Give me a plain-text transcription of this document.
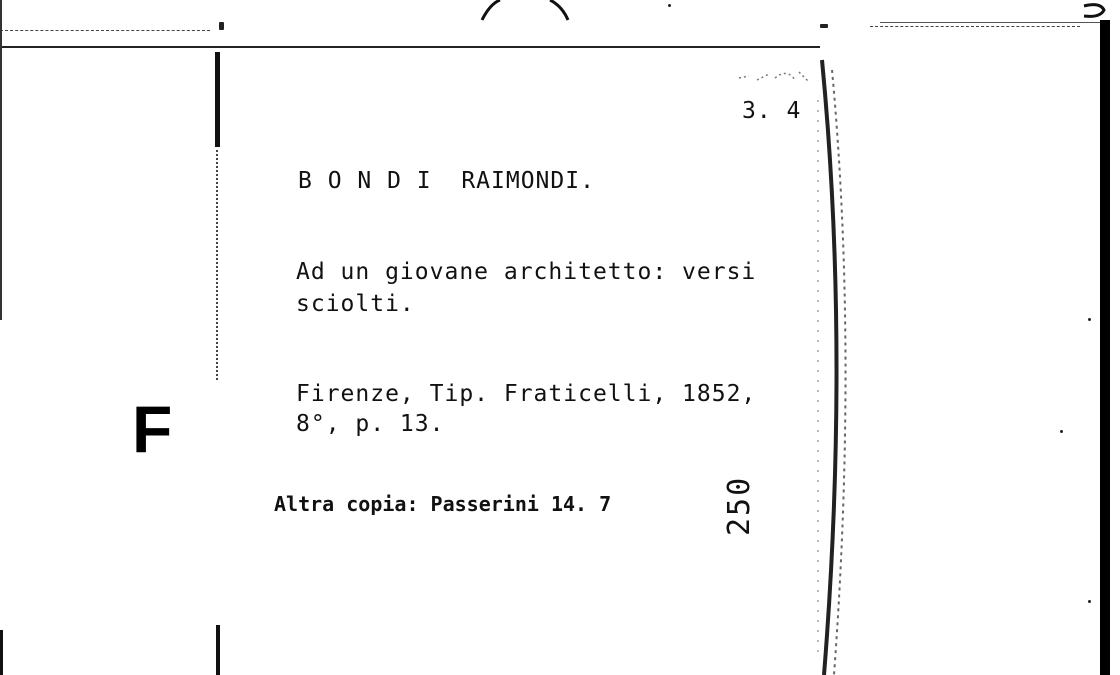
3. 4
B O N D I  RAIMONDI.
Ad un giovane architetto: versi
sciolti.
Firenze, Tip. Fraticelli, 1852,
8°, p. 13.
Altra copia: Passerini 14. 7	250
F
